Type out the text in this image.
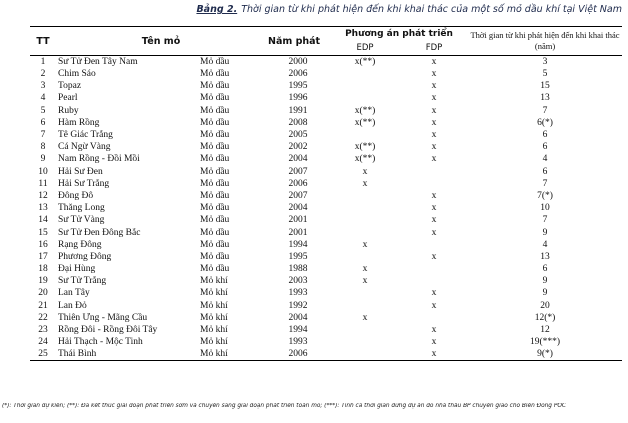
Bảng 2. Thời gian từ khi phát hiện đến khi khai thác của một số mỏ dầu khí tại Việt Nam
TT	Tên mỏ		Năm phát	Phương án phát triển		Thời gian từ khi phát hiện đến khi khai thác (năm)
				EDP	FDP	
1	Sư Tử Đen Tây Nam	Mỏ dầu	2000	x(**)	x	3
2	Chim Sáo	Mỏ dầu	2006		x	5
3	Topaz	Mỏ dầu	1995		x	15
4	Pearl	Mỏ dầu	1996		x	13
5	Ruby	Mỏ dầu	1991	x(**)	x	7
6	Hàm Rồng	Mỏ dầu	2008	x(**)	x	6(*)
7	Tê Giác Trắng	Mỏ dầu	2005		x	6
8	Cá Ngừ Vàng	Mỏ dầu	2002	x(**)	x	6
9	Nam Rồng - Đồi Mồi	Mỏ dầu	2004	x(**)	x	4
10	Hải Sư Đen	Mỏ dầu	2007	x		6
11	Hải Sư Trắng	Mỏ dầu	2006	x		7
12	Đông Đô	Mỏ dầu	2007		x	7(*)
13	Thăng Long	Mỏ dầu	2004		x	10
14	Sư Tử Vàng	Mỏ dầu	2001		x	7
15	Sư Tử Đen Đông Bắc	Mỏ dầu	2001		x	9
16	Rạng Đông	Mỏ dầu	1994	x		4
17	Phương Đông	Mỏ dầu	1995		x	13
18	Đại Hùng	Mỏ dầu	1988	x		6
19	Sư Tử Trắng	Mỏ khí	2003	x		9
20	Lan Tây	Mỏ khí	1993		x	9
21	Lan Đỏ	Mỏ khí	1992		x	20
22	Thiên Ưng - Mãng Cầu	Mỏ khí	2004	x		12(*)
23	Rồng Đôi - Rồng Đôi Tây	Mỏ khí	1994		x	12
24	Hải Thạch - Mộc Tinh	Mỏ khí	1993		x	19(***)
25	Thái Bình	Mỏ khí	2006		x	9(*)
(*): Thời gian dự kiến; (**): Đã kết thúc giai đoạn phát triển sớm và chuyển sang giai đoạn phát triển toàn mỏ; (***): Tính cả thời gian dừng dự án do nhà thầu BP chuyển giao cho Biển Đông POC
